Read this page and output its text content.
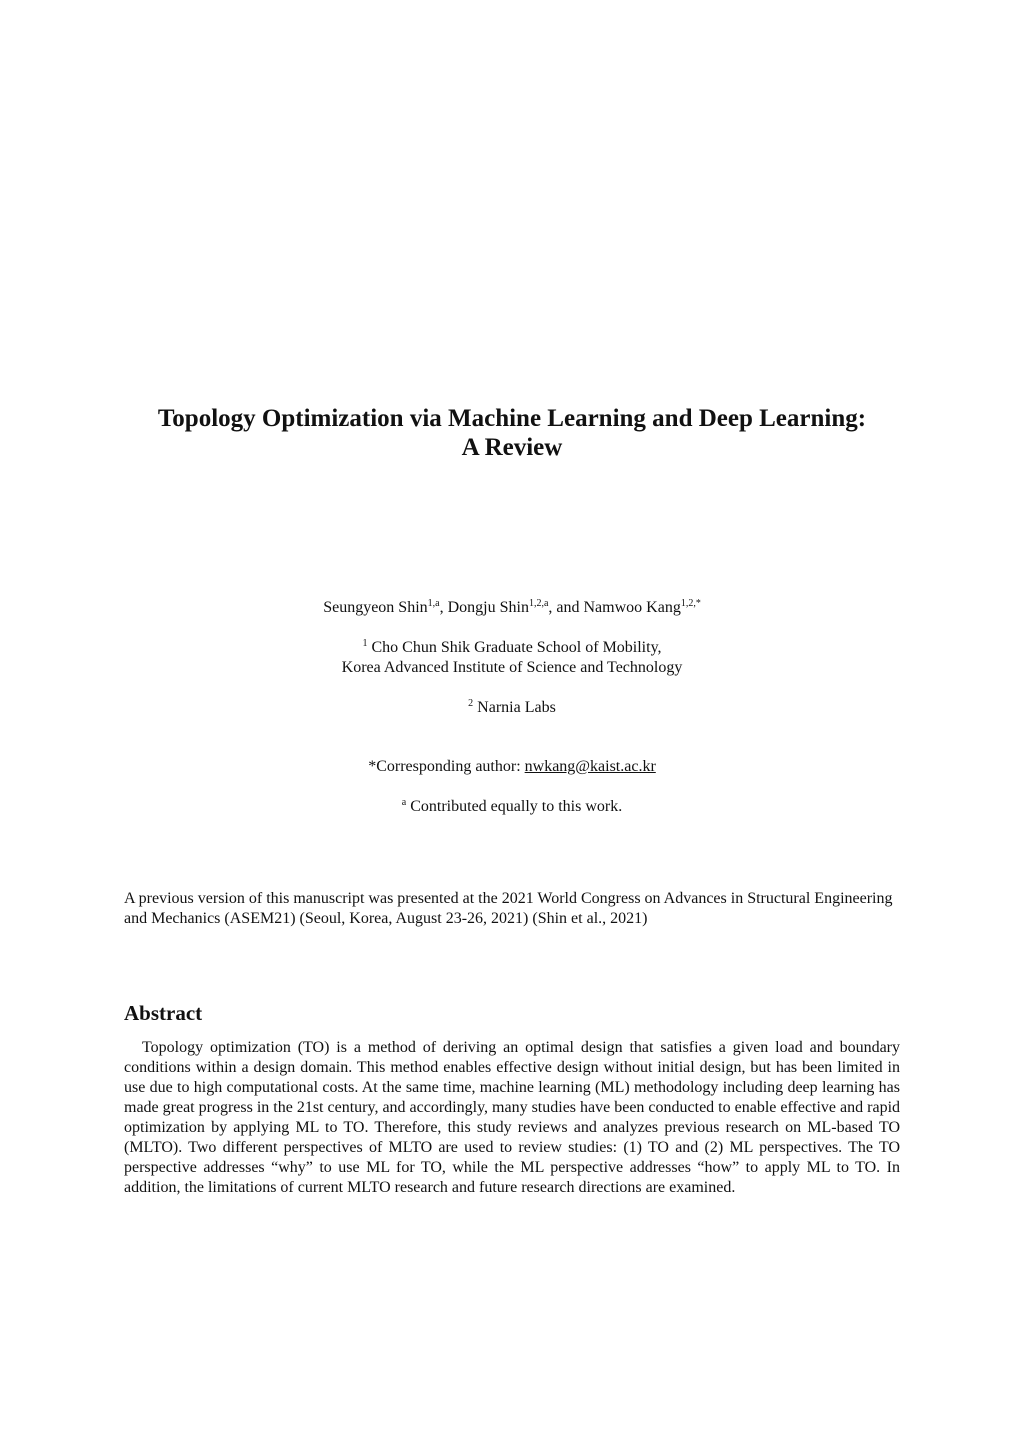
Topology Optimization via Machine Learning and Deep Learning:
A Review
Seungyeon Shin$^{1,a}$, Dongju Shin$^{1,2,a}$, and Namwoo Kang$^{1,2,*}$
$^1$ Cho Chun Shik Graduate School of Mobility,
Korea Advanced Institute of Science and Technology
$^2$ Narnia Labs
*Corresponding author: nwkang@kaist.ac.kr
$^a$ Contributed equally to this work.
A previous version of this manuscript was presented at the 2021 World Congress on Advances in Structural Engineering and Mechanics (ASEM21) (Seoul, Korea, August 23-26, 2021) (Shin et al., 2021)
Abstract
Topology optimization (TO) is a method of deriving an optimal design that satisfies a given load and boundary conditions within a design domain. This method enables effective design without initial design, but has been limited in use due to high computational costs. At the same time, machine learning (ML) methodology including deep learning has made great progress in the 21st century, and accordingly, many studies have been conducted to enable effective and rapid optimization by applying ML to TO. Therefore, this study reviews and analyzes previous research on ML-based TO (MLTO). Two different perspectives of MLTO are used to review studies: (1) TO and (2) ML perspectives. The TO perspective addresses “why” to use ML for TO, while the ML perspective addresses “how” to apply ML to TO. In addition, the limitations of current MLTO research and future research directions are examined.
